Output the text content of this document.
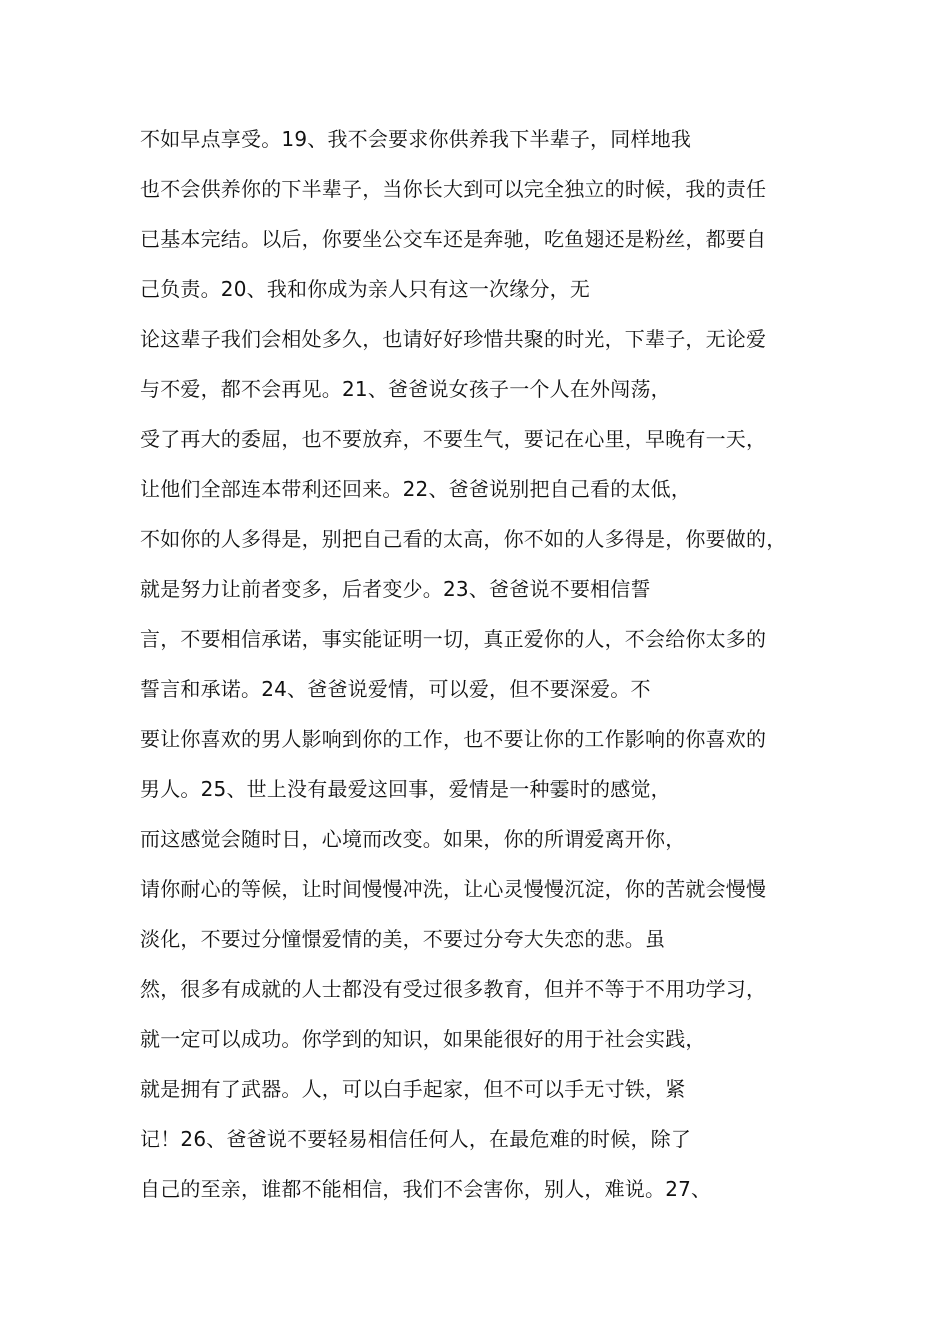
不如早点享受。19、我不会要求你供养我下半辈子，同样地我
也不会供养你的下半辈子，当你长大到可以完全独立的时候，我的责任
已基本完结。以后，你要坐公交车还是奔驰，吃鱼翅还是粉丝，都要自
己负责。20、我和你成为亲人只有这一次缘分，无
论这辈子我们会相处多久，也请好好珍惜共聚的时光，下辈子，无论爱
与不爱，都不会再见。21、爸爸说女孩子一个人在外闯荡，
受了再大的委屈，也不要放弃，不要生气，要记在心里，早晚有一天，
让他们全部连本带利还回来。22、爸爸说别把自己看的太低，
不如你的人多得是，别把自己看的太高，你不如的人多得是，你要做的，
就是努力让前者变多，后者变少。23、爸爸说不要相信誓
言，不要相信承诺，事实能证明一切，真正爱你的人，不会给你太多的
誓言和承诺。24、爸爸说爱情，可以爱，但不要深爱。不
要让你喜欢的男人影响到你的工作，也不要让你的工作影响的你喜欢的
男人。25、世上没有最爱这回事，爱情是一种霎时的感觉，
而这感觉会随时日，心境而改变。如果，你的所谓爱离开你，
请你耐心的等候，让时间慢慢冲洗，让心灵慢慢沉淀，你的苦就会慢慢
淡化，不要过分憧憬爱情的美，不要过分夸大失恋的悲。虽
然，很多有成就的人士都没有受过很多教育，但并不等于不用功学习，
就一定可以成功。你学到的知识，如果能很好的用于社会实践，
就是拥有了武器。人，可以白手起家，但不可以手无寸铁，紧
记！26、爸爸说不要轻易相信任何人，在最危难的时候，除了
自己的至亲，谁都不能相信，我们不会害你，别人，难说。27、
